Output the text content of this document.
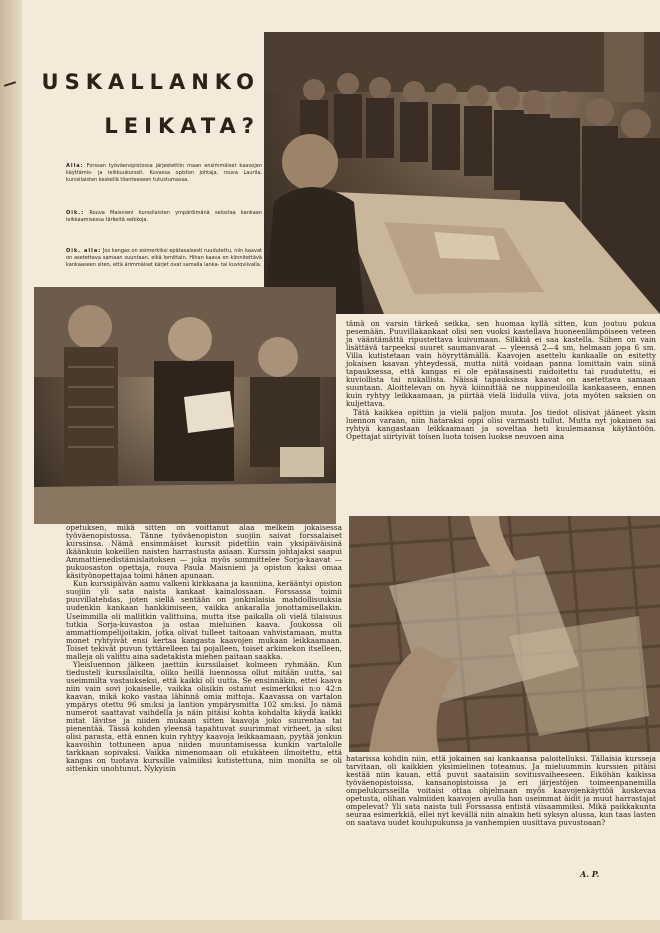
USKALLANKO
LEIKATA?
Alla: Forssan työväenopistossa järjestettiin maan ensimmäiset kaavojen käyttämis- ja leikkuukurssit. Kuvassa opiston johtaja, rouva Laurila, kurssilaisten keskellä tilanteeseen tutustumassa.
Oik.: Rouva Maisnieni kurssilaisten ympäröimänä selostaa kankaan leikkaamisessa tärkeitä seikkoja.
Oik. alla: Jos kangas on esimerkiksi epätasaisesti ruudutettu, niin kaavat on asetettava samaan suuntaan, eikä lomittain. Hihan kaava on kiinnitettävä kankaaseen siten, että ärimmäiset kärjet ovat samalla lanka- tai kuvioviivalla.

opetuksen, mikä sitten on voittanut alaa melkein jokaisessa työväenopistossa. Tänne työväenopiston suojiin saivat forssalaiset kurssinsa. Nämä ensimmäiset kurssit pidettiin vain yksipäiväisinä ikäänkuin kokeillen naisten harrastusta asiaan. Kurssin johtajaksi saapui Ammattienedistämislaitoksen — joka myös sommittelee Sorja-kaavat — pukuosaston opettaja, rouva Paula Maisnieni ja opiston kaksi omaa käsityönopettajaa toimi hänen apunaan.

Kun kurssipäivän aamu valkeni kirkkaana ja kauniina, kerääntyi opiston suojiin yli sata naista kankaat kainalossaan. Forssassa toimii puuvillatehdas, joten siellä sentään on jonkinlaisia mahdollisuuksia uudenkin kankaan hankkimiseen, vaikka ankaralla jonottamisellakin. Useimmilla oli mallitkin valittuina, mutta itse paikalla oli vielä tilaisuus tutkia Sorja-kuvastoa ja ostaa mieluinen kaava. Joukossa oli ammattiompelijoitakin, jotka olivat tulleet taitoaan vahvistamaan, mutta monet ryhtyivät ensi kertaa kangasta kaavojen mukaan leikkaamaan. Toiset tekivät puvun tyttärelleen tai pojalleen, toiset arkimekon itselleen, malleja oli valittu aina sadetakista miehen paitaan saakka.

Yleisluennon jälkeen jaettiin kurssilaiset kolmeen ryhmään. Kun tiedusteli kurssilaisilta, oliko heillä luennossa ollut mitään uutta, sai useimmilta vastaukseksi, että kaikki oli uutta. Se ensinnäkin, ettei kaava niin vain sovi jokaiselle, vaikka olisikin ostanut esimerkiksi n:o 42:n kaavan, mikä koko vastaa lähinnä omia mittoja. Kaavassa on vartalon ympärys otettu 96 sm:ksi ja lantion ympärysmitta 102 sm:ksi. Jo nämä numerot saattavat vaihdella ja näin pitäisi kohta kohdalta käydä kaikki mitat lävitse ja niiden mukaan sitten kaavoja joko suurentaa tai pienentää. Tässä kohden yleensä tapahtuvat suurimmat virheet, ja siksi olisi parasta, että ennen kuin ryhtyy kaavoja leikkaamaan, pyytää jonkun kaavoihin tottuneen apua niiden muuntamisessa kunkin vartalolle tarkkaan sopivaksi. Vaikka nimenomaan oli etukäteen ilmoitettu, että kangas on tuotava kurssille valmiiksi kutistettuna, niin monilta se oli sittenkin unohtunut. Nykyisin

tämä on varsin tärkeä seikka, sen huomaa kyllä sitten, kun joutuu pukua pesemään. Puuvillakankaat olisi sen vuoksi kastellava huoneenlämpöiseen veteen ja vääntämättä ripustettava kuivumaan. Silkkiä ei saa kastella. Siihen on vain lisättävä tarpeeksi suuret saumanvarat — yleensä 2—4 sm, helmaan jopa 6 sm. Villa kutistetaan vain höyryttämällä. Kaavojen asettelu kankaalle on esitetty jokaisen kaavan yhteydessä, mutta niitä voidaan panna lomittain vain siinä tapauksessa, että kangas ei ole epätasaisesti raidoitettu tai ruudutettu, ei kuviollista tai nukallista. Näissä tapauksissa kaavat on asetettava samaan suuntaan. Aloittelevan on hyvä kiinnittää ne nuppineuloilla kankaaseen, ennen kuin ryhtyy leikkaamaan, ja piirtää vielä liidulla viiva, jota myöten saksien on kuljettava.

Tätä kaikkea opittiin ja vielä paljon muuta. Jos tiedot olisivat jääneet yksin luennon varaan, niin hataraksi oppi olisi varmasti tullut. Mutta nyt jokainen sai ryhtyä kangastaan leikkaamaan ja soveltaa heti kuulemaansa käytäntöön. Opettajat siirtyivät toisen luota toisen luokse neuvoen aina

hatarissa kohdin niin, että jokainen sai kankaansa paloitelluksi. Tällaisia kursseja tarvitaan, oli kaikkien yksimielinen toteamus. Ja mieluummin kurssien pitäisi kestää niin kauan, että puvut saataisiin sovitusvaiheeseen. Eiköhän kaikissa työväenopistoissa, kansanopistoissa ja eri järjestöjen toimeenpanemilla ompelukursseilla voitaisi ottaa ohjelmaan myös kaavojenkäyttöä koskevaa opetusta, olihan valmiiden kaavojen avulla han useimmat äidit ja muut harrastajat ompelevat? Yli sata naista tuli Forssassa entistä viisaammiksi. Mikä paikkakunta seuraa esimerkkiä, ellei nyt kevällä niin ainakin heti syksyn alussa, kun taas lasten on saatava uudet koulupukunsa ja vanhempien uusittava puvustoaan?

A. P.
